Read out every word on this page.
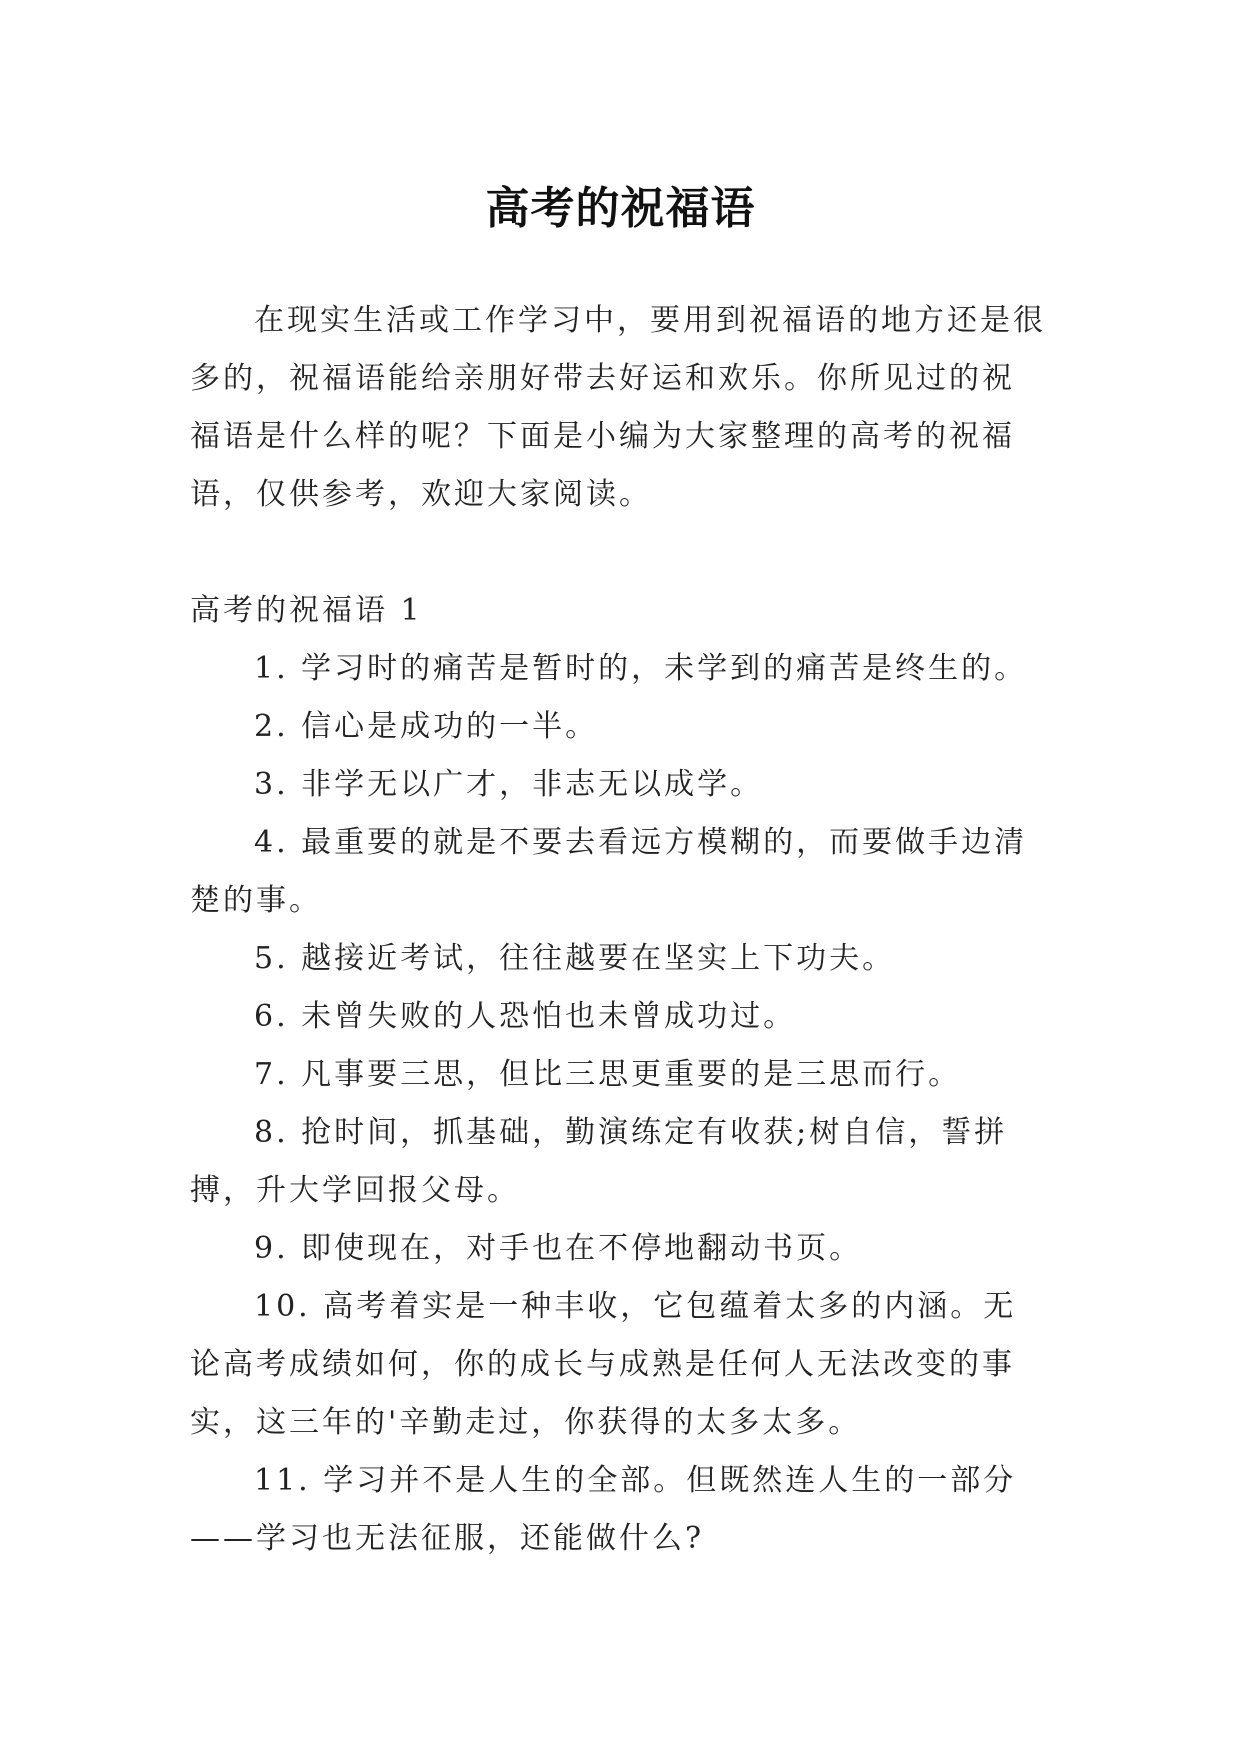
高考的祝福语

在现实生活或工作学习中，要用到祝福语的地方还是很多的，祝福语能给亲朋好带去好运和欢乐。你所见过的祝福语是什么样的呢？下面是小编为大家整理的高考的祝福语，仅供参考，欢迎大家阅读。

高考的祝福语 1

1. 学习时的痛苦是暂时的，未学到的痛苦是终生的。

2. 信心是成功的一半。

3. 非学无以广才，非志无以成学。

4. 最重要的就是不要去看远方模糊的，而要做手边清楚的事。

5. 越接近考试，往往越要在坚实上下功夫。

6. 未曾失败的人恐怕也未曾成功过。

7. 凡事要三思，但比三思更重要的是三思而行。

8. 抢时间，抓基础，勤演练定有收获;树自信，誓拼搏，升大学回报父母。

9. 即使现在，对手也在不停地翻动书页。

10. 高考着实是一种丰收，它包蕴着太多的内涵。无论高考成绩如何，你的成长与成熟是任何人无法改变的事实，这三年的'辛勤走过，你获得的太多太多。

11. 学习并不是人生的全部。但既然连人生的一部分——学习也无法征服，还能做什么?
